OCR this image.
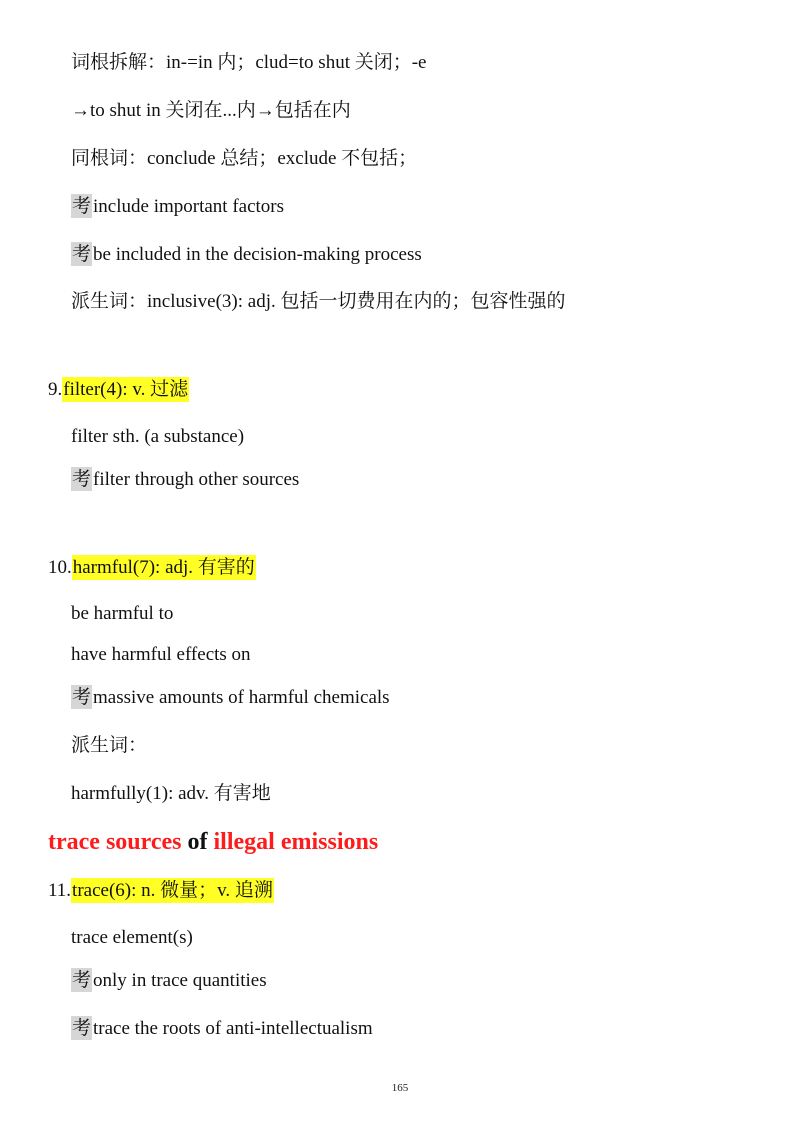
词根拆解：in-=in 内；clud=to shut 关闭；-e
→to shut in 关闭在...内→包括在内
同根词：conclude 总结；exclude 不包括；
考 include important factors
考 be included in the decision-making process
派生词：inclusive(3): adj. 包括一切费用在内的；包容性强的
9.filter(4): v. 过滤
filter sth. (a substance)
考 filter through other sources
10.harmful(7): adj. 有害的
be harmful to
have harmful effects on
考 massive amounts of harmful chemicals
派生词：
harmfully(1): adv. 有害地
trace sources of illegal emissions
11.trace(6): n. 微量；v. 追溯
trace element(s)
考 only in trace quantities
考 trace the roots of anti-intellectualism
165
